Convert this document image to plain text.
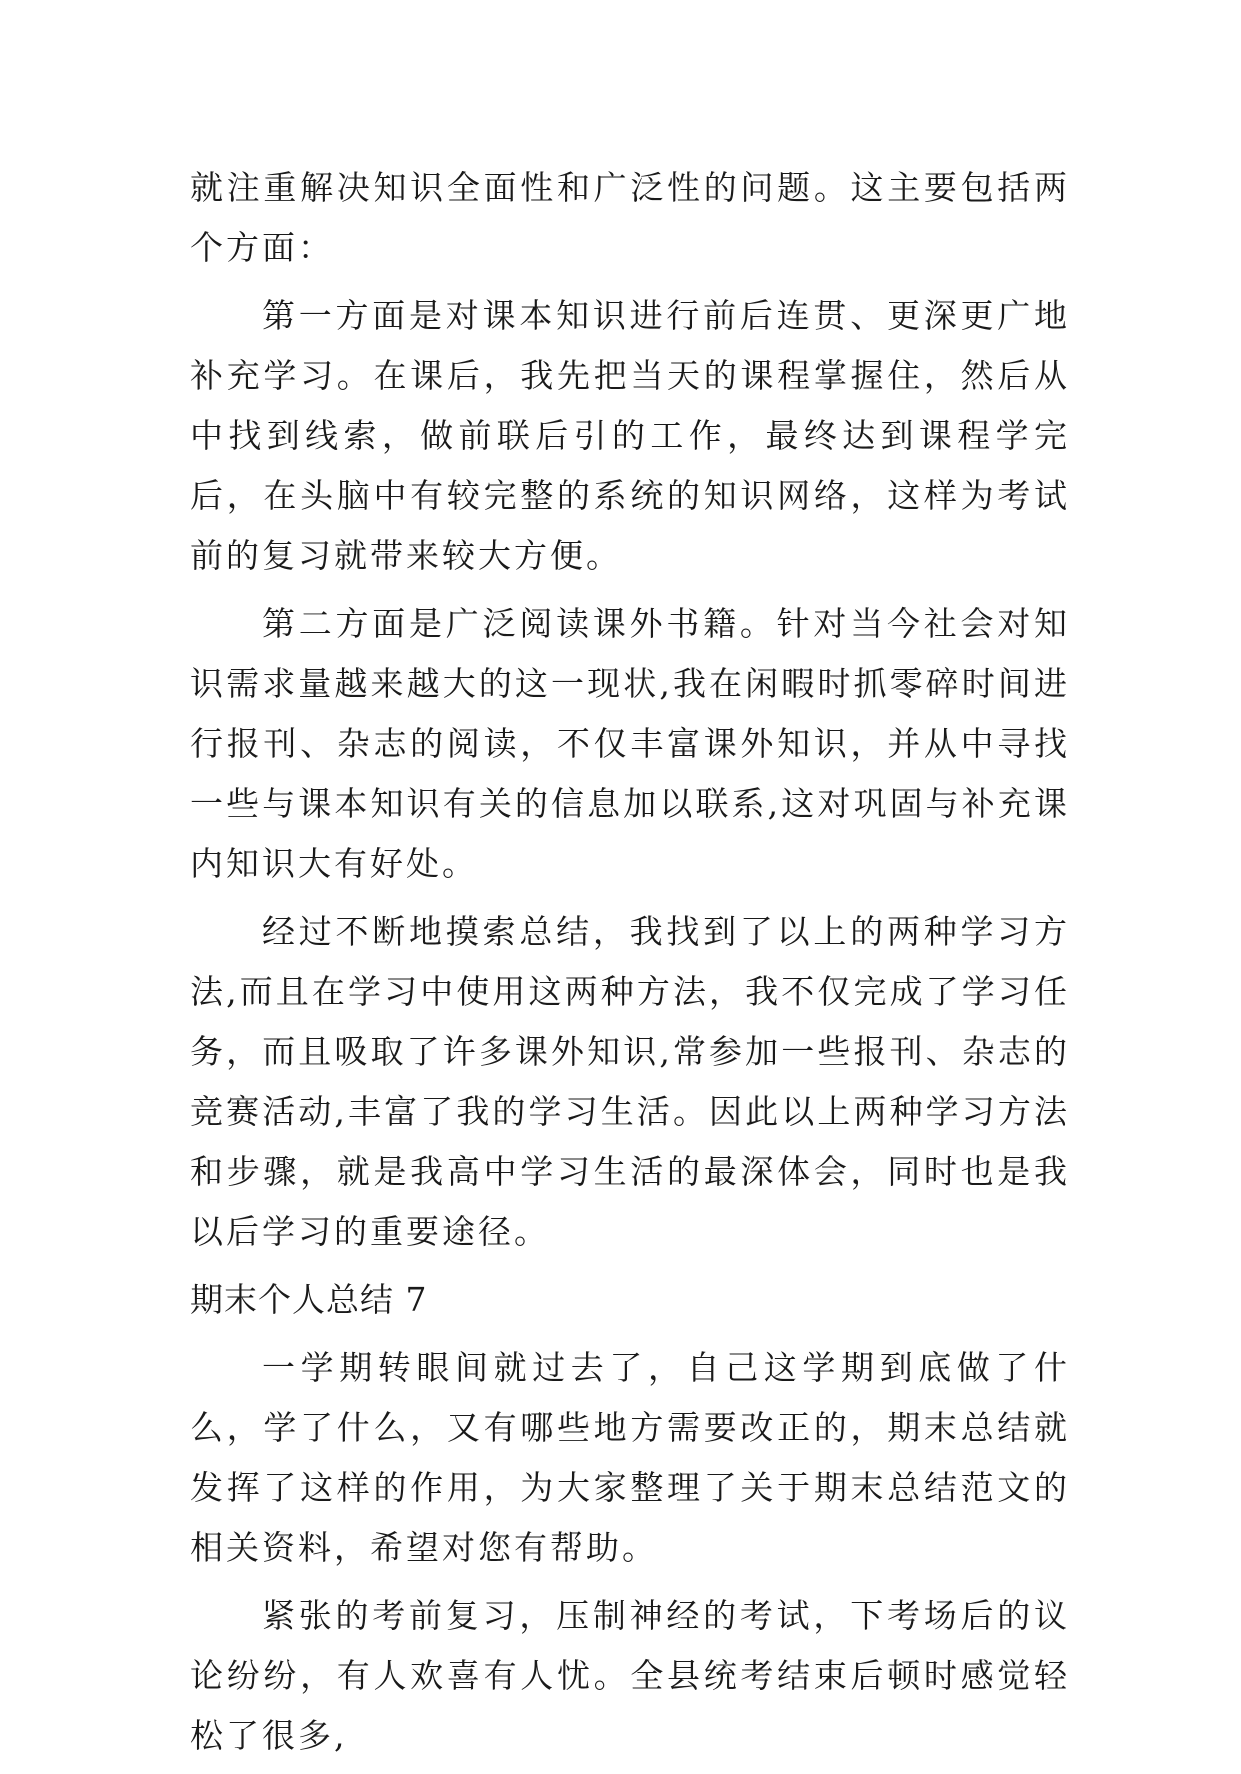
就注重解决知识全面性和广泛性的问题。这主要包括两个方面：

第一方面是对课本知识进行前后连贯、更深更广地补充学习。在课后，我先把当天的课程掌握住，然后从中找到线索，做前联后引的工作，最终达到课程学完后，在头脑中有较完整的系统的知识网络，这样为考试前的复习就带来较大方便。

第二方面是广泛阅读课外书籍。针对当今社会对知识需求量越来越大的这一现状,我在闲暇时抓零碎时间进行报刊、杂志的阅读，不仅丰富课外知识，并从中寻找一些与课本知识有关的信息加以联系,这对巩固与补充课内知识大有好处。

经过不断地摸索总结，我找到了以上的两种学习方法,而且在学习中使用这两种方法，我不仅完成了学习任务，而且吸取了许多课外知识,常参加一些报刊、杂志的竞赛活动,丰富了我的学习生活。因此以上两种学习方法和步骤，就是我高中学习生活的最深体会，同时也是我以后学习的重要途径。

期末个人总结 7

一学期转眼间就过去了，自己这学期到底做了什么，学了什么，又有哪些地方需要改正的，期末总结就发挥了这样的作用，为大家整理了关于期末总结范文的相关资料，希望对您有帮助。

紧张的考前复习，压制神经的考试，下考场后的议论纷纷，有人欢喜有人忧。全县统考结束后顿时感觉轻松了很多,
